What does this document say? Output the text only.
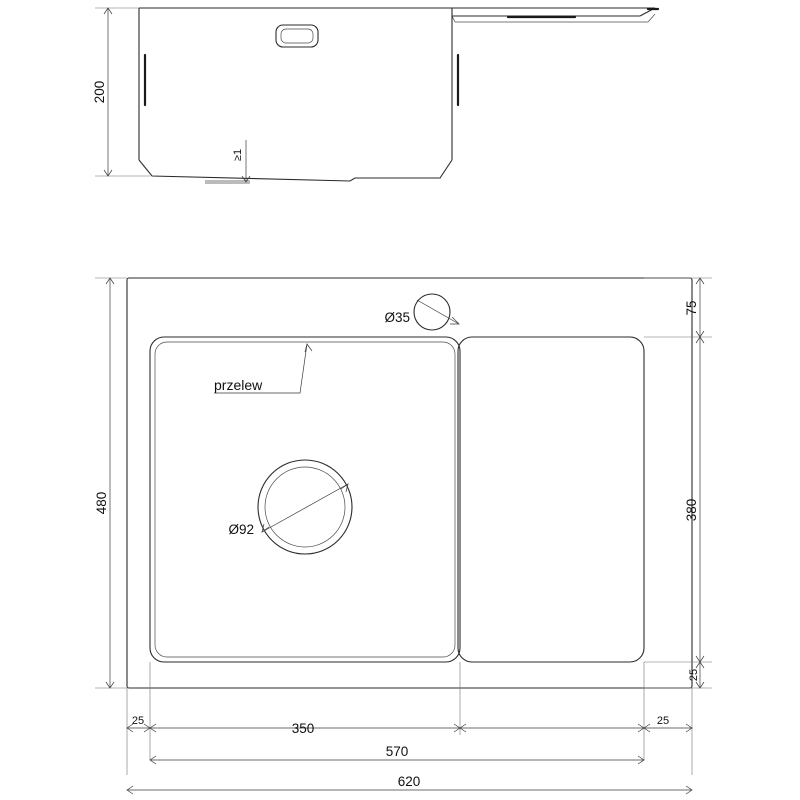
200
≥1
Ø35
Ø92
przelew
480
75
380
25
25	350	25
570
620
